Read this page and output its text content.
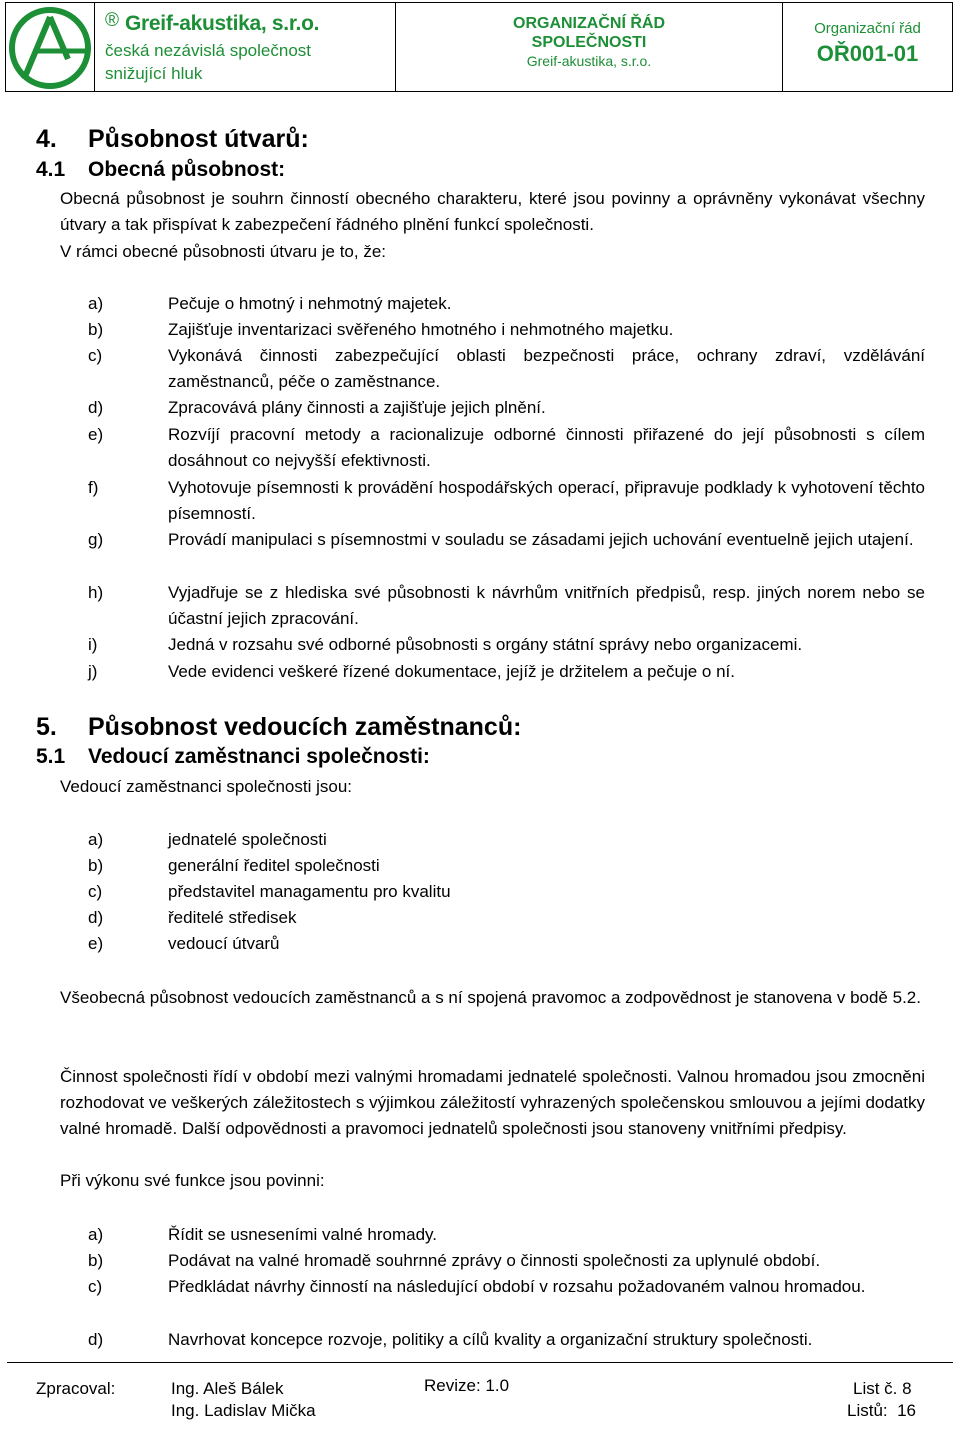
® Greif-akustika, s.r.o.
česká nezávislá společnost
snižující hluk
ORGANIZAČNÍ ŘÁD
SPOLEČNOSTI
Greif-akustika, s.r.o.
Organizační řád
OŘ001-01
4. Působnost útvarů:
4.1 Obecná působnost:
Obecná působnost je souhrn činností obecného charakteru, které jsou povinny a oprávněny vykonávat všechny útvary a tak přispívat k zabezpečení řádného plnění funkcí společnosti.
V rámci obecné působnosti útvaru je to, že:
a)	Pečuje o hmotný i nehmotný majetek.
b)	Zajišťuje inventarizaci svěřeného hmotného i nehmotného majetku.
c)	Vykonává činnosti zabezpečující oblasti bezpečnosti práce, ochrany zdraví, vzdělávání zaměstnanců, péče o zaměstnance.
d)	Zpracovává plány činnosti a zajišťuje jejich plnění.
e)	Rozvíjí pracovní metody a racionalizuje odborné činnosti přiřazené do její působnosti s cílem dosáhnout co nejvyšší efektivnosti.
f)	Vyhotovuje písemnosti k provádění hospodářských operací, připravuje podklady k vyhotovení těchto písemností.
g)	Provádí manipulaci s písemnostmi v souladu se zásadami jejich uchování eventuelně jejich utajení.
h)	Vyjadřuje se z hlediska své působnosti k návrhům vnitřních předpisů, resp. jiných norem nebo se účastní jejich zpracování.
i)	Jedná v rozsahu své odborné působnosti s orgány státní správy nebo organizacemi.
j)	Vede evidenci veškeré řízené dokumentace, jejíž je držitelem a pečuje o ní.
5. Působnost vedoucích zaměstnanců:
5.1 Vedoucí zaměstnanci společnosti:
Vedoucí zaměstnanci společnosti jsou:
a)	jednatelé společnosti
b)	generální ředitel společnosti
c)	představitel managamentu pro kvalitu
d)	ředitelé středisek
e)	vedoucí útvarů
Všeobecná působnost vedoucích zaměstnanců a s ní spojená pravomoc a zodpovědnost je stanovena v bodě 5.2.
Činnost společnosti řídí v období mezi valnými hromadami jednatelé společnosti. Valnou hromadou jsou zmocněni rozhodovat ve veškerých záležitostech s výjimkou záležitostí vyhrazených společenskou smlouvou a jejími dodatky valné hromadě. Další odpovědnosti a pravomoci jednatelů společnosti jsou stanoveny vnitřními předpisy.
Při výkonu své funkce jsou povinni:
a)	Řídit se usneseními valné hromady.
b)	Podávat na valné hromadě souhrnné zprávy o činnosti společnosti za uplynulé období.
c)	Předkládat návrhy činností na následující období v rozsahu požadovaném valnou hromadou.
d)	Navrhovat koncepce rozvoje, politiky a cílů kvality a organizační struktury společnosti.
Zpracoval:	Ing. Aleš Bálek
Ing. Ladislav Mička
Revize: 1.0	List č. 8
Listů:  16
